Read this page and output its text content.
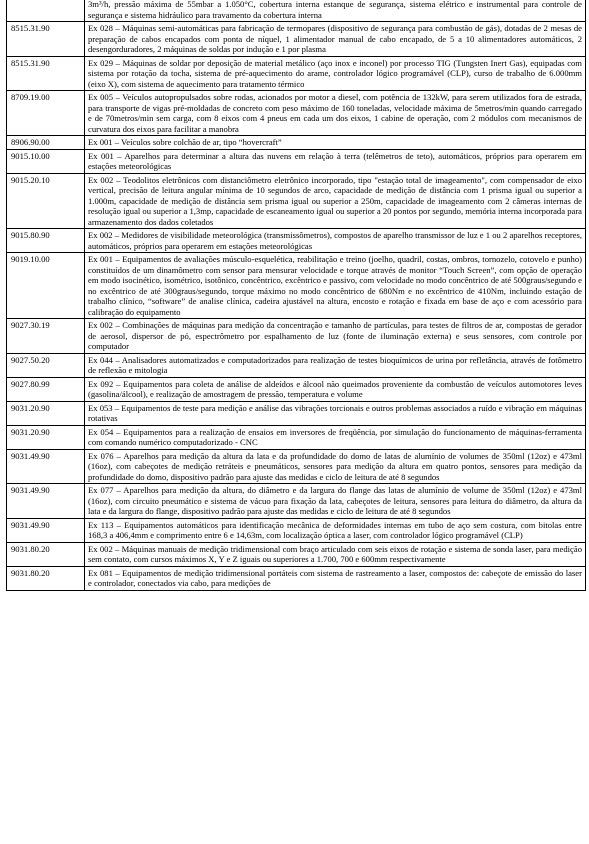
	3m³/h, pressão máxima de 55mbar a 1.050°C, cobertura interna estanque de segurança, sistema elétrico e instrumental para controle de segurança e sistema hidráulico para travamento da cobertura interna
8515.31.90	Ex 028 – Máquinas semi-automáticas para fabricação de termopares (dispositivo de segurança para combustão de gás), dotadas de 2 mesas de preparação de cabos encapados com ponta de níquel, 1 alimentador manual de cabo encapado, de 5 a 10 alimentadores automáticos, 2 desengorduradores, 2 máquinas de soldas por indução e 1 por plasma
8515.31.90	Ex 029 – Máquinas de soldar por deposição de material metálico (aço inox e inconel) por processo TIG (Tungsten Inert Gas), equipadas com sistema por rotação da tocha, sistema de pré-aquecimento do arame, controlador lógico programável (CLP), curso de trabalho de 6.000mm (eixo X), com sistema de aquecimento para tratamento térmico
8709.19.00	Ex 005 – Veículos autopropulsados sobre rodas, acionados por motor a diesel, com potência de 132kW, para serem utilizados fora de estrada, para transporte de vigas pré-moldadas de concreto com peso máximo de 160 toneladas, velocidade máxima de 5metros/min quando carregado e de 70metros/min sem carga, com 8 eixos com 4 pneus em cada um dos eixos, 1 cabine de operação, com 2 módulos com mecanismos de curvatura dos eixos para facilitar a manobra
8906.90.00	Ex 001 – Veículos sobre colchão de ar, tipo “hovercraft”
9015.10.00	Ex 001 – Aparelhos para determinar a altura das nuvens em relação à terra (telêmetros de teto), automáticos, próprios para operarem em estações meteorológicas
9015.20.10	Ex 002 – Teodolitos eletrônicos com distanciômetro eletrônico incorporado, tipo "estação total de imageamento", com compensador de eixo vertical, precisão de leitura angular mínima de 10 segundos de arco, capacidade de medição de distância com 1 prisma igual ou superior a 1.000m, capacidade de medição de distância sem prisma igual ou superior a 250m, capacidade de imageamento com 2 câmeras internas de resolução igual ou superior a 1,3mp, capacidade de escaneamento igual ou superior a 20 pontos por segundo, memória interna incorporada para armazenamento dos dados coletados
9015.80.90	Ex 002 – Medidores de visibilidade meteorológica (transmissômetros), compostos de aparelho transmissor de luz e 1 ou 2 aparelhos receptores, automáticos, próprios para operarem em estações meteorológicas
9019.10.00	Ex 001 – Equipamentos de avaliações músculo-esquelética, reabilitação e treino (joelho, quadril, costas, ombros, tornozelo, cotovelo e punho) constituídos de um dinamômetro com sensor para mensurar velocidade e torque através de monitor “Touch Screen”, com opção de operação em modo isocinético, isométrico, isotônico, concêntrico, excêntrico e passivo, com velocidade no modo concêntrico de até 500graus/segundo e no excêntrico de até 300graus/segundo, torque máximo no modo concêntrico de 680Nm e no excêntrico de 410Nm, incluindo estação de trabalho clínico, “software” de analise clínica, cadeira ajustável na altura, encosto e rotação e fixada em base de aço e com acessório para calibração do equipamento
9027.30.19	Ex 002 – Combinações de máquinas para medição da concentração e tamanho de partículas, para testes de filtros de ar, compostas de gerador de aerosol, dispersor de pó, espectrômetro por espalhamento de luz (fonte de iluminação externa) e seus sensores, com controle por computador
9027.50.20	Ex 044 – Analisadores automatizados e computadorizados para realização de testes bioquímicos de urina por refletância, através de fotômetro de reflexão e mitologia
9027.80.99	Ex 092 – Equipamentos para coleta de análise de aldeídos e álcool não queimados proveniente da combustão de veículos automotores leves (gasolina/álcool), e realização de amostragem de pressão, temperatura e volume
9031.20.90	Ex 053 – Equipamentos de teste para medição e análise das vibrações torcionais e outros problemas associados a ruído e vibração em máquinas rotativas
9031.20.90	Ex 054 – Equipamentos para a realização de ensaios em inversores de freqüência, por simulação do funcionamento de máquinas-ferramenta com comando numérico computadorizado - CNC
9031.49.90	Ex 076 – Aparelhos para medição da altura da lata e da profundidade do domo de latas de alumínio de volumes de 350ml (12oz) e 473ml (16oz), com cabeçotes de medição retráteis e pneumáticos, sensores para medição da altura em quatro pontos, sensores para medição da profundidade do domo, dispositivo padrão para ajuste das medidas e ciclo de leitura de até 8 segundos
9031.49.90	Ex 077 – Aparelhos para medição da altura, do diâmetro e da largura do flange das latas de alumínio de volume de 350ml (12oz) e 473ml (16oz), com circuito pneumático e sistema de vácuo para fixação da lata, cabeçotes de leitura, sensores para leitura do diâmetro, da altura da lata e da largura do flange, dispositivo padrão para ajuste das medidas e ciclo de leitura de até 8 segundos
9031.49.90	Ex 113 – Equipamentos automáticos para identificação mecânica de deformidades internas em tubo de aço sem costura, com bitolas entre 168,3 a 406,4mm e comprimento entre 6 e 14,63m, com localização óptica a laser, com controlador lógico programável (CLP)
9031.80.20	Ex 002 – Máquinas manuais de medição tridimensional com braço articulado com seis eixos de rotação e sistema de sonda laser, para medição sem contato, com cursos máximos X, Y e Z iguais ou superiores a 1.700, 700 e 600mm respectivamente
9031.80.20	Ex 081 – Equipamentos de medição tridimensional portáteis com sistema de rastreamento a laser, compostos de: cabeçote de emissão do laser e controlador, conectados via cabo, para medições de
